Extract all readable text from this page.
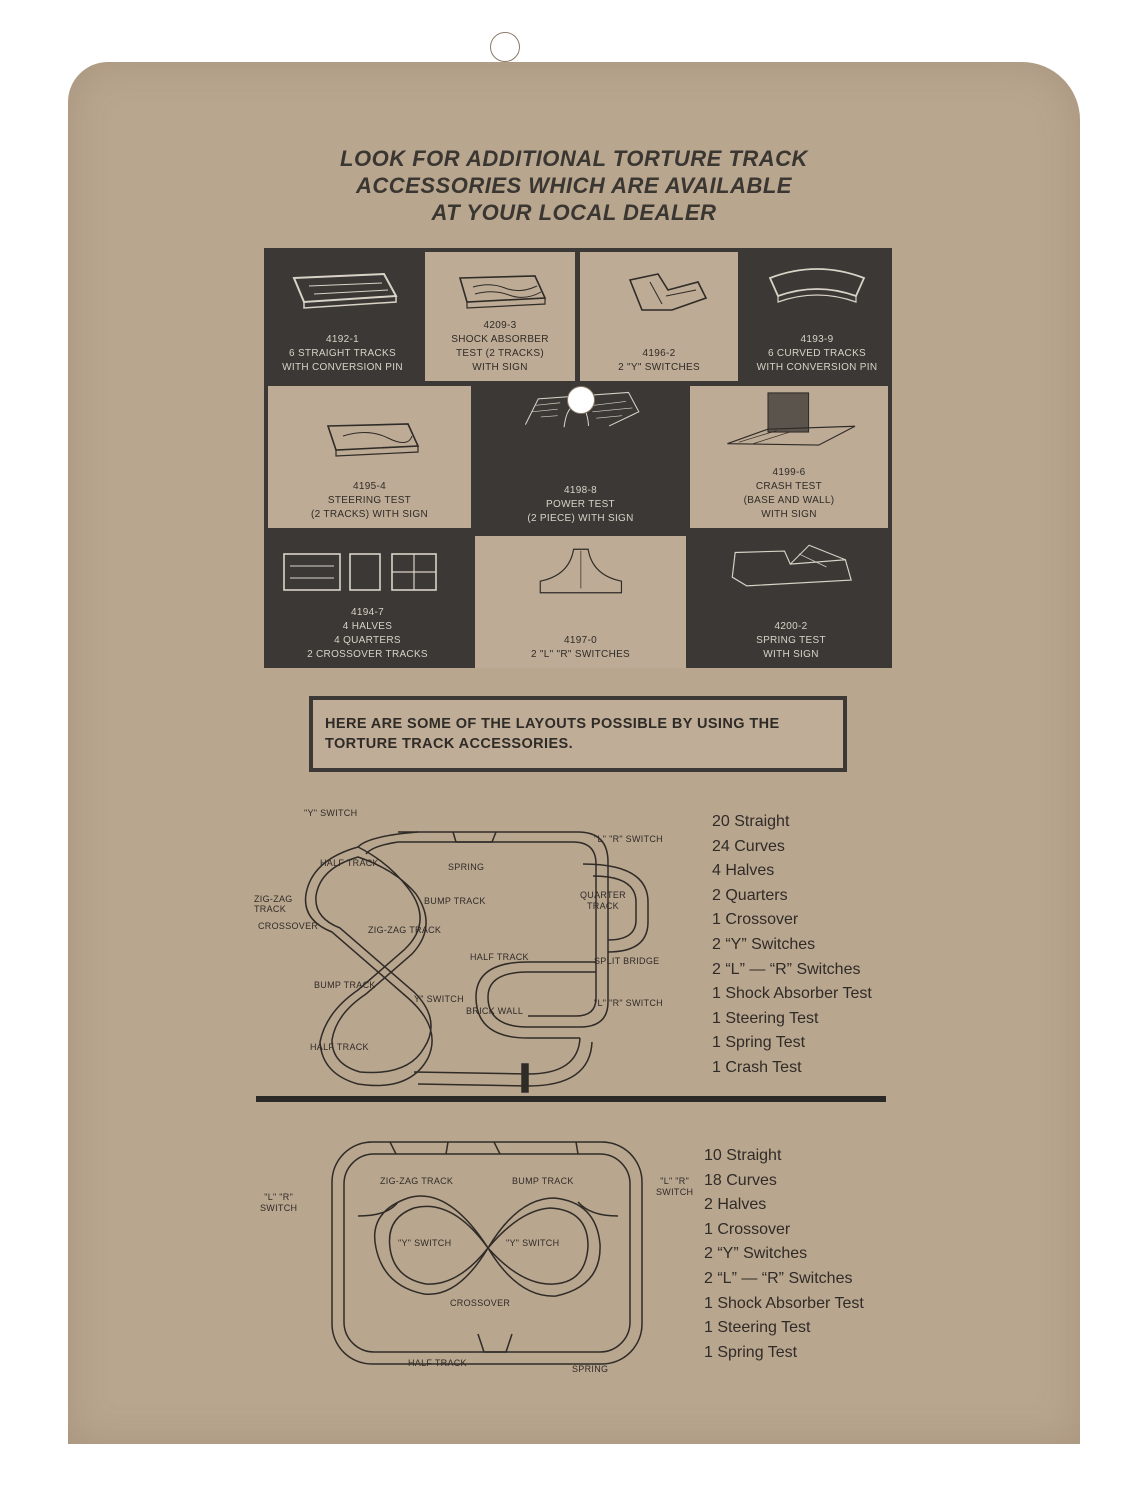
LOOK FOR ADDITIONAL TORTURE TRACK
ACCESSORIES WHICH ARE AVAILABLE
AT YOUR LOCAL DEALER
4192-1
6 STRAIGHT TRACKS
WITH CONVERSION PIN
4209-3
SHOCK ABSORBER
TEST (2 TRACKS)
WITH SIGN
4196-2
2 "Y" SWITCHES
4193-9
6 CURVED TRACKS
WITH CONVERSION PIN
4195-4
STEERING TEST
(2 TRACKS) WITH SIGN
4198-8
POWER TEST
(2 PIECE) WITH SIGN
4199-6
CRASH TEST
(BASE AND WALL)
WITH SIGN
4194-7
4 HALVES
4 QUARTERS
2 CROSSOVER TRACKS
4197-0
2 "L" "R" SWITCHES
4200-2
SPRING TEST
WITH SIGN
HERE ARE SOME OF THE LAYOUTS POSSIBLE BY USING THE
TORTURE TRACK ACCESSORIES.
"Y" SWITCH
HALF TRACK	SPRING
"L" "R" SWITCH
ZIG-ZAG
TRACK
BUMP TRACK
QUARTER
TRACK
CROSSOVER	ZIG-ZAG TRACK
HALF TRACK	SPLIT BRIDGE
BUMP TRACK
Y" SWITCH	"L" "R" SWITCH
BRICK WALL
HALF TRACK
20 Straight
24 Curves
4 Halves
2 Quarters
1 Crossover
2 “Y” Switches
2 “L” — “R” Switches
1 Shock Absorber Test
1 Steering Test
1 Spring Test
1 Crash Test
ZIG-ZAG TRACK	BUMP TRACK
"L" "R"
SWITCH
"L" "R"
SWITCH
"Y" SWITCH	"Y" SWITCH
CROSSOVER
HALF TRACK
SPRING
10 Straight
18 Curves
2 Halves
1 Crossover
2 “Y” Switches
2 “L” — “R” Switches
1 Shock Absorber Test
1 Steering Test
1 Spring Test
